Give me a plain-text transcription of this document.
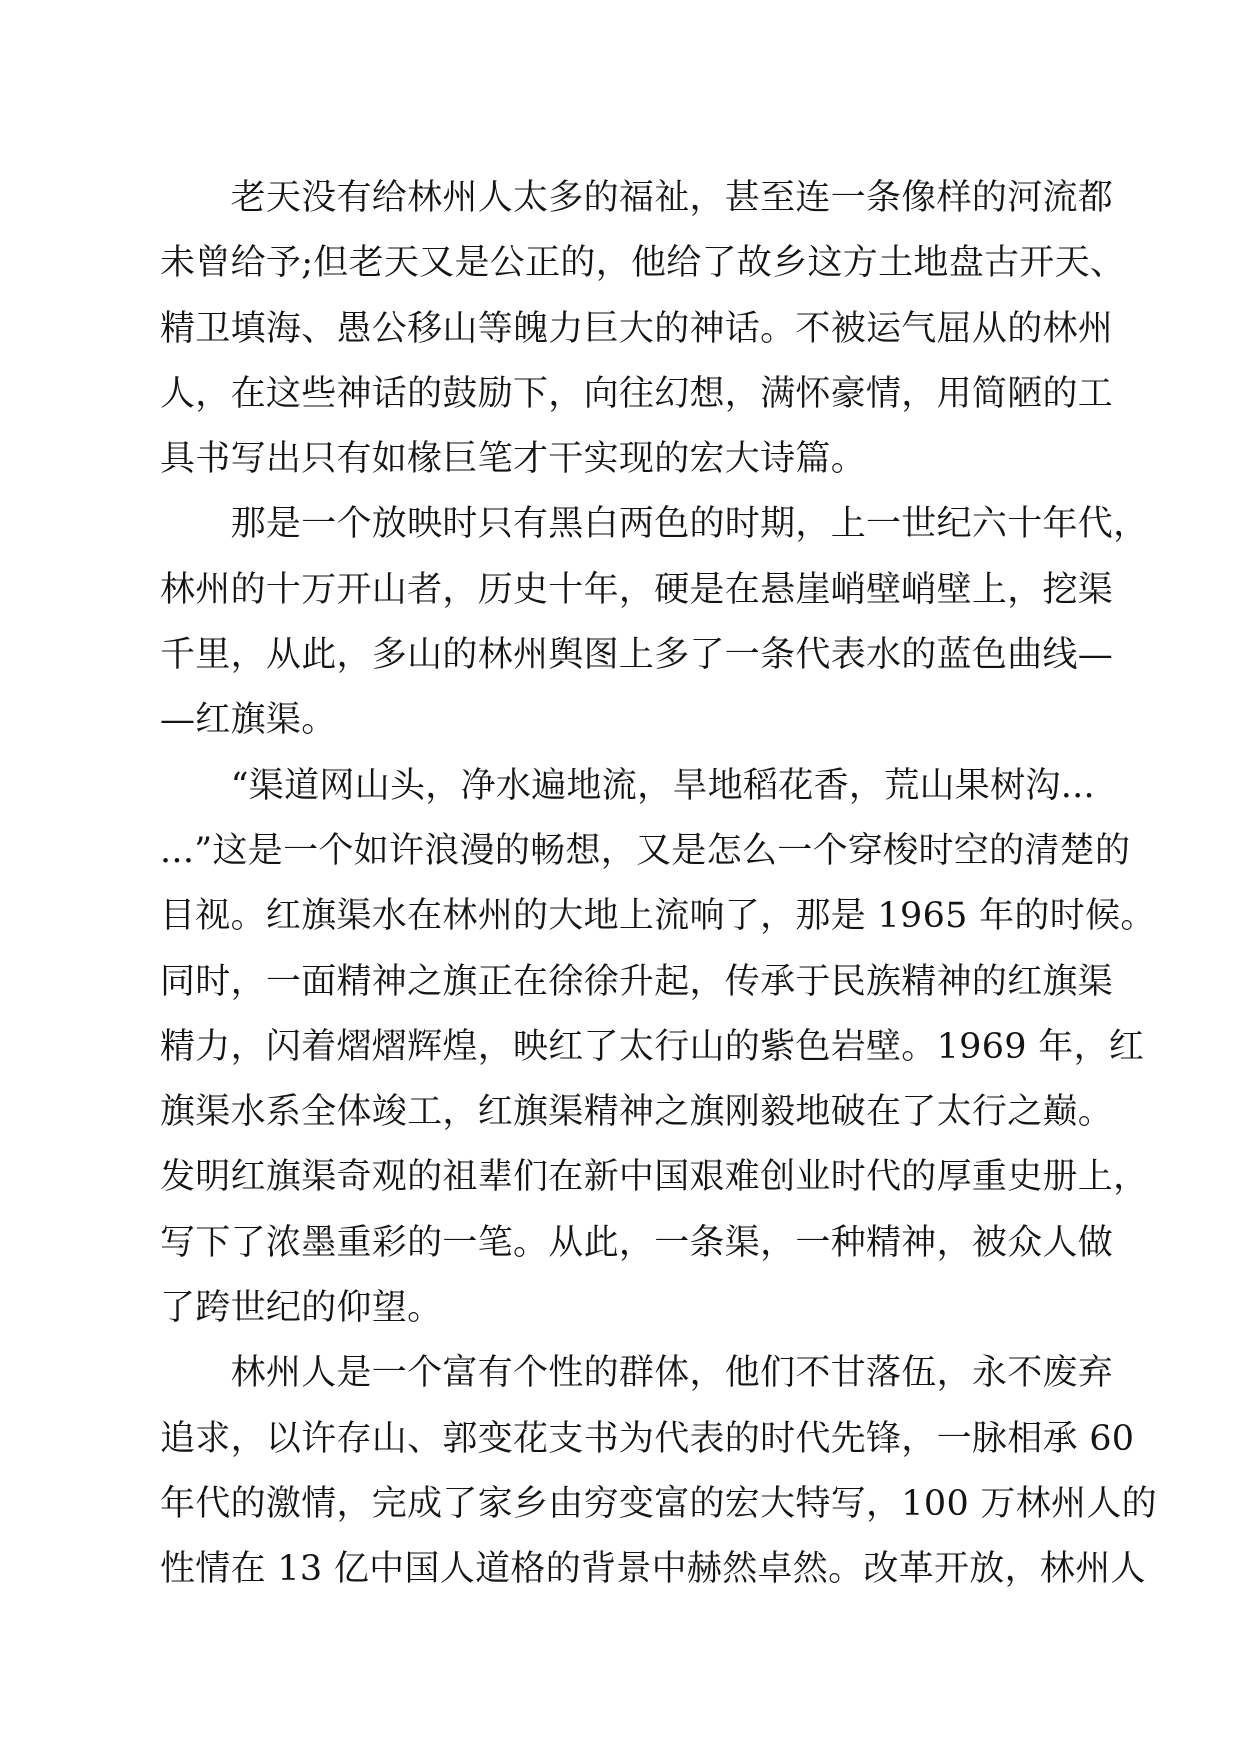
　　老天没有给林州人太多的福祉，甚至连一条像样的河流都
未曾给予;但老天又是公正的，他给了故乡这方土地盘古开天、
精卫填海、愚公移山等魄力巨大的神话。不被运气屈从的林州
人，在这些神话的鼓励下，向往幻想，满怀豪情，用简陋的工
具书写出只有如椽巨笔才干实现的宏大诗篇。
　　那是一个放映时只有黑白两色的时期，上一世纪六十年代，
林州的十万开山者，历史十年，硬是在悬崖峭壁峭壁上，挖渠
千里，从此，多山的林州舆图上多了一条代表水的蓝色曲线—
—红旗渠。
　　“渠道网山头，净水遍地流，旱地稻花香，荒山果树沟...
...”这是一个如许浪漫的畅想，又是怎么一个穿梭时空的清楚的
目视。红旗渠水在林州的大地上流响了，那是 1965 年的时候。
同时，一面精神之旗正在徐徐升起，传承于民族精神的红旗渠
精力，闪着熠熠辉煌，映红了太行山的紫色岩壁。1969 年，红
旗渠水系全体竣工，红旗渠精神之旗刚毅地破在了太行之巅。
发明红旗渠奇观的祖辈们在新中国艰难创业时代的厚重史册上，
写下了浓墨重彩的一笔。从此，一条渠，一种精神，被众人做
了跨世纪的仰望。
　　林州人是一个富有个性的群体，他们不甘落伍，永不废弃
追求，以许存山、郭变花支书为代表的时代先锋，一脉相承 60
年代的激情，完成了家乡由穷变富的宏大特写，100 万林州人的
性情在 13 亿中国人道格的背景中赫然卓然。改革开放，林州人
